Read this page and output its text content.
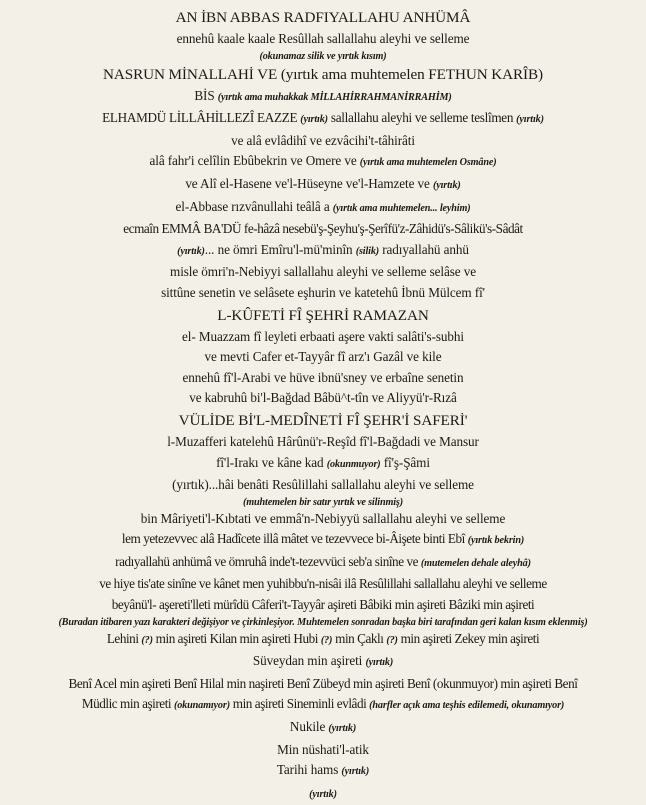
AN İBN ABBAS RADFIYALLAHU ANHÜMÂ

ennehû kaale kaale Resûllah sallallahu aleyhi ve selleme

(okunamaz silik ve yırtık kısım)

NASRUN MİNALLAHİ VE (yırtık ama muhtemelen FETHUN KARÎB)

BİS (yırtık ama muhakkak MİLLAHİRRAHMANİRRAHİM)

ELHAMDÜ LİLLÂHİLLEZÎ EAZZE (yırtık) sallallahu aleyhi ve selleme teslîmen (yırtık)

ve alâ evlâdihî ve ezvâcihi't-tâhirâti

alâ fahr'i celîlin Ebûbekrin ve Omere ve (yırtık ama muhtemelen Osmâne)

ve Alî el-Hasene ve'l-Hüseyne ve'l-Hamzete ve (yırtık)

el-Abbase rızvânullahi teâlâ a (yırtık ama muhtemelen... leyhim)

ecmaîn EMMÂ BA'DÜ fe-hâzâ nesebü'ş-Şeyhu'ş-Şerîfü'z-Zâhidü's-Sâlikü's-Sâdât

(yırtık)... ne ömri Emîru'l-mü'minîn (silik) radıyallahü anhü

misle ömri'n-Nebiyyi sallallahu aleyhi ve selleme selâse ve

sittûne senetin ve selâsete eşhurin ve katetehû İbnü Mülcem fî'

L-KÛFETİ FÎ ŞEHRİ RAMAZAN

el- Muazzam fî leyleti erbaati aşere vakti salâti's-subhi

ve mevti Cafer et-Tayyâr fî arz'ı Gazâl ve kile

ennehû fî'l-Arabi ve hüve ibnü'sney ve erbaîne senetin

ve kabruhû bi'l-Bağdad Bâbü^t-tîn ve Aliyyü'r-Rızâ

VÜLİDE Bİ'L-MEDÎNETİ FÎ ŞEHR'İ SAFERİ'

l-Muzafferi katelehû Hârûnü'r-Reşîd fî'l-Bağdadi ve Mansur

fî'l-Irakı ve kâne kad (okunmuyor) fî'ş-Şâmi

(yırtık)...hâi benâti Resûlillahi sallallahu aleyhi ve selleme

(muhtemelen bir satır yırtık ve silinmiş)

bin Mâriyeti'l-Kıbtati ve emmâ'n-Nebiyyü sallallahu aleyhi ve selleme

lem yetezevvec alâ Hadîcete illâ mâtet ve tezevvece bi-Âişete binti Ebî (yırtık bekrin)

radıyallahü anhümâ ve ömruhâ inde't-tezevvüci seb'a sinîne ve (mutemelen dehale aleyhâ)

ve hiye tis'ate sinîne ve kânet men yuhibbu'n-nisâi ilâ Resûlillahi sallallahu aleyhi ve selleme

beyânü'l- aşereti'lleti mürîdü Câferi't-Tayyâr aşireti Bâbiki min aşireti Bâziki min aşireti

(Buradan itibaren yazı karakteri değişiyor ve çirkinleşiyor. Muhtemelen sonradan başka biri tarafından geri kalan kısım eklenmiş)

Lehini (?) min aşireti Kilan min aşireti Hubi (?) min Çaklı (?) min aşireti Zekey min aşireti

Süveydan min aşireti (yırtık)

Benî Acel min aşireti Benî Hilal min naşireti Benî Zübeyd min aşireti Benî (okunmuyor) min aşireti Benî

Müdlic min aşireti (okunamıyor) min aşireti Sineminli evlâdi (harfler açık ama teşhis edilemedi, okunamıyor)

Nukile (yırtık)

Min nüshati'l-atik

Tarihi hams (yırtık)

(yırtık)
